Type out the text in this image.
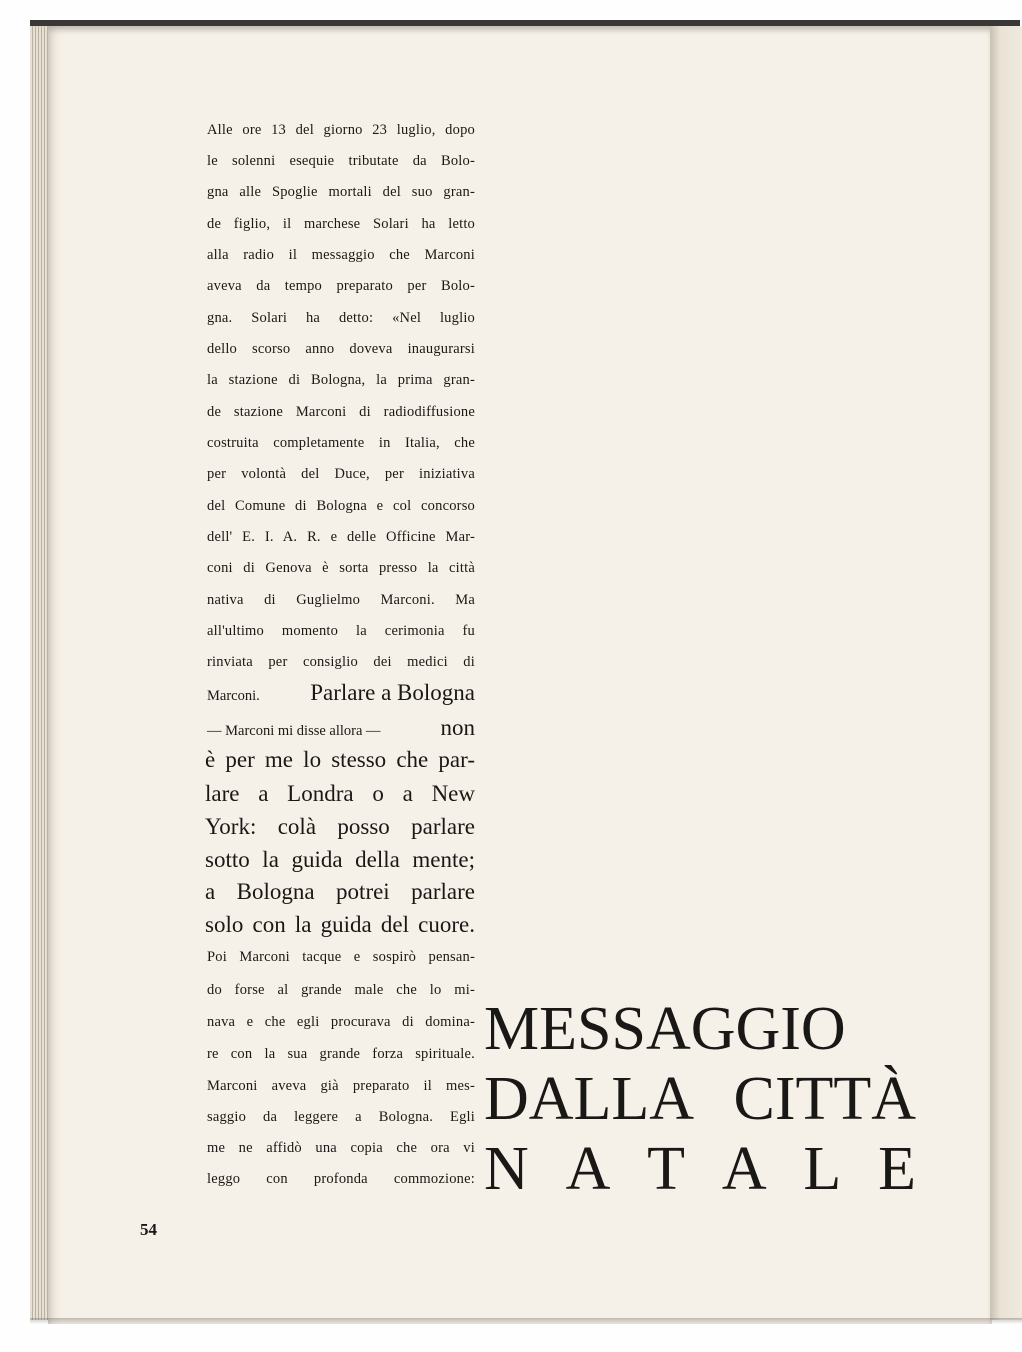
Alle ore 13 del giorno 23 luglio, dopo
le solenni esequie tributate da Bolo-
gna alle Spoglie mortali del suo gran-
de figlio, il marchese Solari ha letto
alla radio il messaggio che Marconi
aveva da tempo preparato per Bolo-
gna. Solari ha detto: «Nel luglio
dello scorso anno doveva inaugurarsi
la stazione di Bologna, la prima gran-
de stazione Marconi di radiodiffusione
costruita completamente in Italia, che
per volontà del Duce, per iniziativa
del Comune di Bologna e col concorso
dell' E. I. A. R. e delle Officine Mar-
coni di Genova è sorta presso la città
nativa di Guglielmo Marconi. Ma
all'ultimo momento la cerimonia fu
rinviata per consiglio dei medici di
Marconi. Parlare a Bologna
— Marconi mi disse allora —	non
è per me lo stesso che par-
lare a Londra o a New
York: colà posso parlare
sotto la guida della mente;
a Bologna potrei parlare
solo con la guida del cuore.
Poi Marconi tacque e sospirò pensan-
do forse al grande male che lo mi-
nava e che egli procurava di domina-
re con la sua grande forza spirituale.
Marconi aveva già preparato il mes-
saggio da leggere a Bologna. Egli
me ne affidò una copia che ora vi
leggo con profonda commozione:
MESSAGGIO
DALLA CITTÀ
N A T A L E
54
